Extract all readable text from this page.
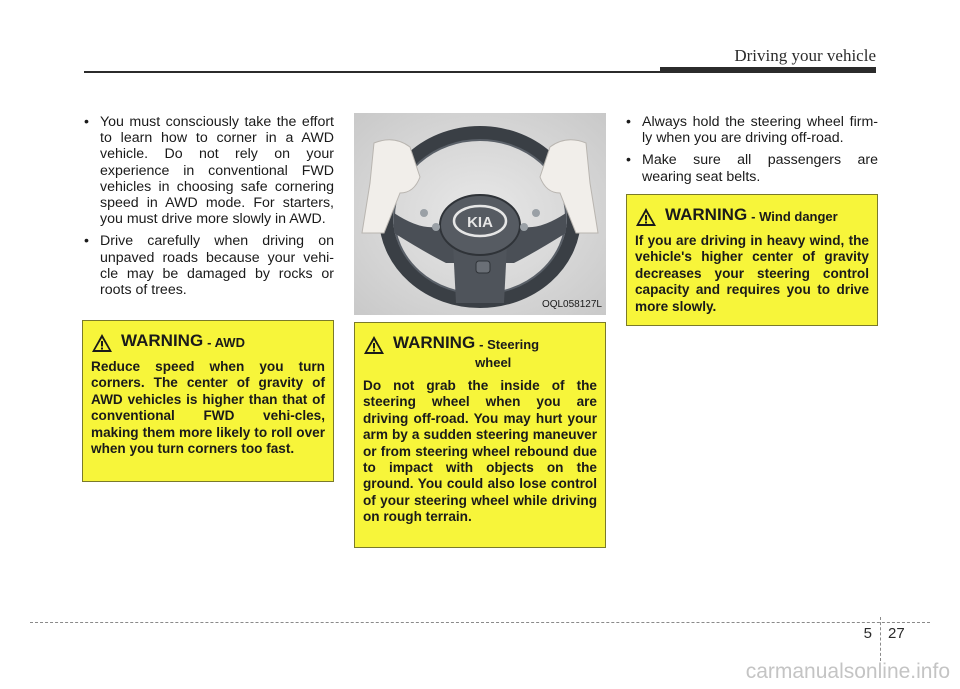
Driving your vehicle
• You must consciously take the effort to learn how to corner in a AWD vehicle. Do not rely on your experience in conventional FWD vehicles in choosing safe cornering speed in AWD mode. For starters, you must drive more slowly in AWD.
• Drive carefully when driving on unpaved roads because your vehi-cle may be damaged by rocks or roots of trees.
KIA
OQL058127L
• Always hold the steering wheel firm-ly when you are driving off-road.
• Make sure all passengers are wearing seat belts.
WARNING - Wind danger
If you are driving in heavy wind, the vehicle's higher center of gravity decreases your steering control capacity and requires you to drive more slowly.
WARNING - AWD
Reduce speed when you turn corners. The center of gravity of AWD vehicles is higher than that of conventional FWD vehi-cles, making them more likely to roll over when you turn corners too fast.
WARNING - Steering wheel
Do not grab the inside of the steering wheel when you are driving off-road. You may hurt your arm by a sudden steering maneuver or from steering wheel rebound due to impact with objects on the ground. You could also lose control of your steering wheel while driving on rough terrain.
5 27
carmanualsonline.info
